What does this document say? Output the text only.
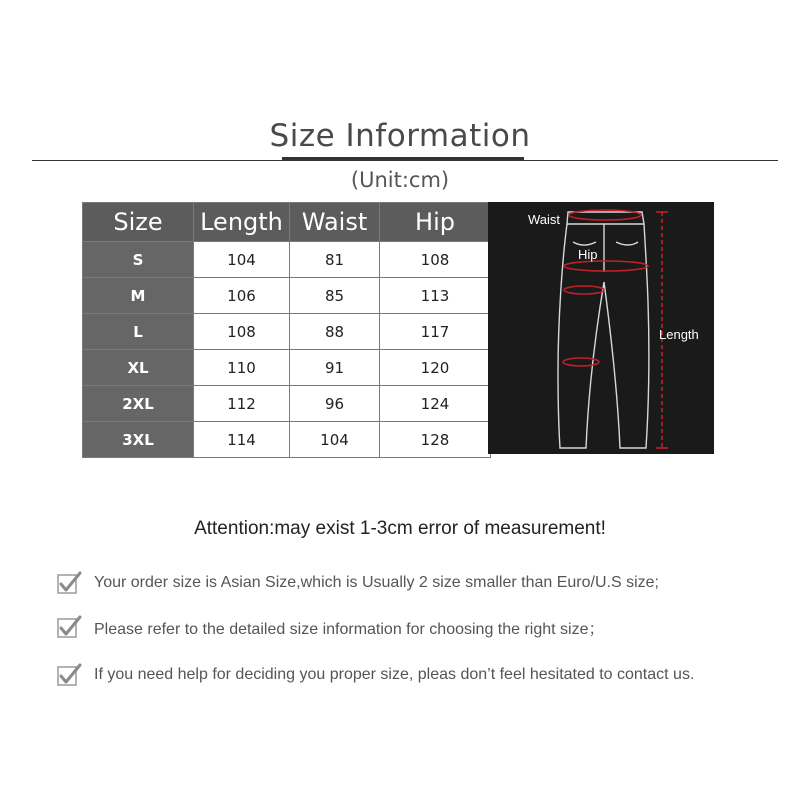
Size Information
(Unit:cm)
Size	Length	Waist	Hip
S	104	81	108
M	106	85	113
L	108	88	117
XL	110	91	120
2XL	112	96	124
3XL	114	104	128
Waist
Hip
Length
Attention:may exist 1-3cm error of measurement!
Your order size is Asian Size,which is Usually 2 size smaller than Euro/U.S size;
Please refer to the detailed size information for choosing the right size；
If you need help for deciding you proper size, pleas don’t feel hesitated to contact us.
